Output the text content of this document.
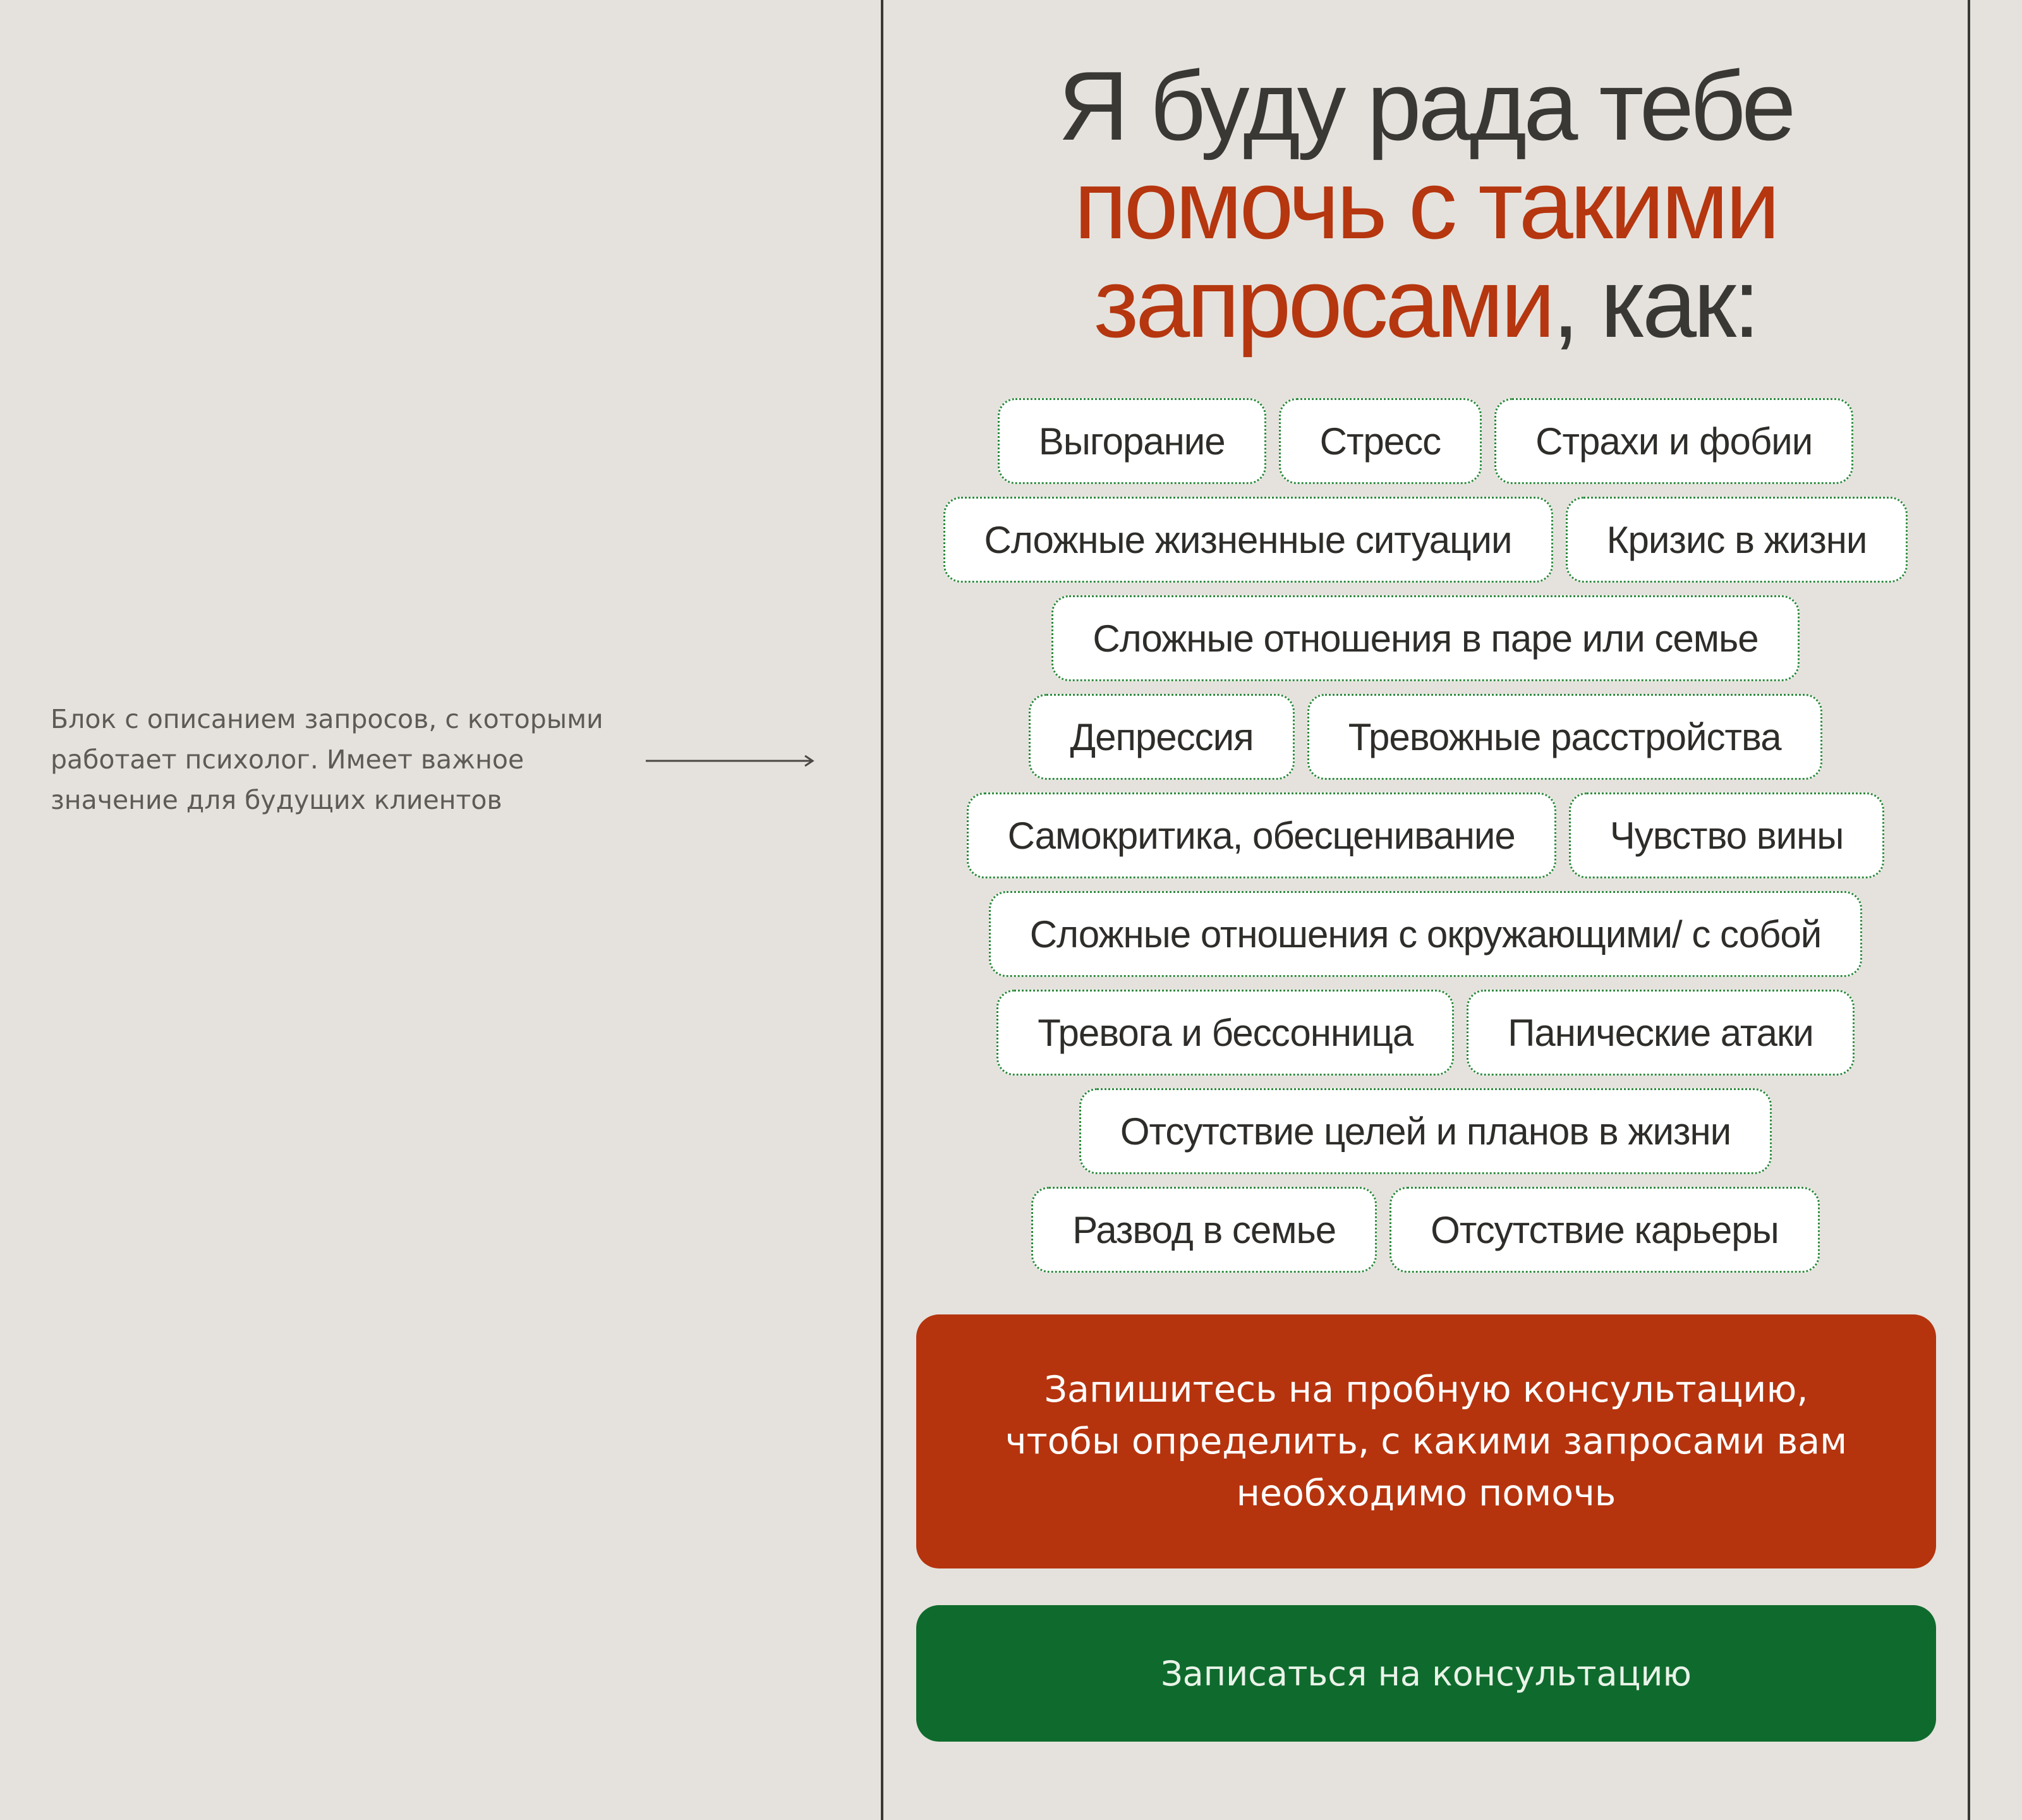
Блок с описанием запросов, с которыми
работает психолог. Имеет важное
значение для будущих клиентов
Я буду рада тебе
помочь с такими
запросами, как:
Выгорание	Стресс	Страхи и фобии
Сложные жизненные ситуации	Кризис в жизни
Сложные отношения в паре или семье
Депрессия	Тревожные расстройства
Самокритика, обесценивание	Чувство вины
Сложные отношения с окружающими/ с собой
Тревога и бессонница	Панические атаки
Отсутствие целей и планов в жизни
Развод в семье	Отсутствие карьеры
Запишитесь на пробную консультацию,
чтобы определить, с какими запросами вам
необходимо помочь
Записаться на консультацию
